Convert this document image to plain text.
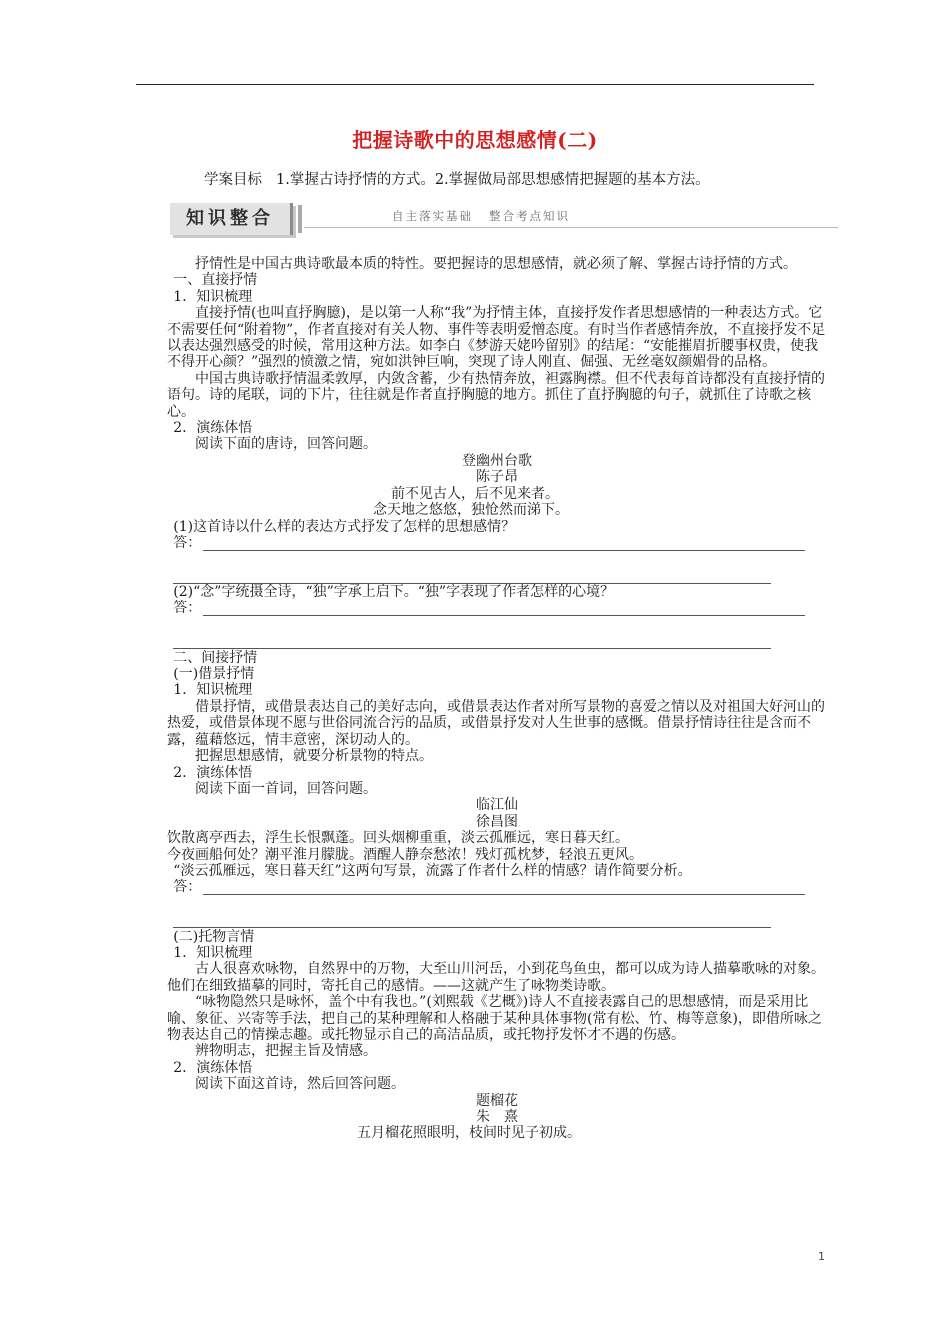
把握诗歌中的思想感情(二)
学案目标 1.掌握古诗抒情的方式。2.掌握做局部思想感情把握题的基本方法。
知识整合	自主落实基础 整合考点知识

抒情性是中国古典诗歌最本质的特性。要把握诗的思想感情，就必须了解、掌握古诗抒情的方式。

一、直接抒情

1．知识梳理

直接抒情(也叫直抒胸臆)，是以第一人称“我”为抒情主体，直接抒发作者思想感情的一种表达方式。它不需要任何“附着物”，作者直接对有关人物、事件等表明爱憎态度。有时当作者感情奔放，不直接抒发不足以表达强烈感受的时候，常用这种方法。如李白《梦游天姥吟留别》的结尾：“安能摧眉折腰事权贵，使我不得开心颜？”强烈的愤激之情，宛如洪钟巨响，突现了诗人刚直、倔强、无丝毫奴颜媚骨的品格。

中国古典诗歌抒情温柔敦厚，内敛含蓄，少有热情奔放，袒露胸襟。但不代表每首诗都没有直接抒情的语句。诗的尾联，词的下片，往往就是作者直抒胸臆的地方。抓住了直抒胸臆的句子，就抓住了诗歌之核心。

2．演练体悟

阅读下面的唐诗，回答问题。

登幽州台歌

陈子昂

前不见古人，后不见来者。

念天地之悠悠，独怆然而涕下。

(1)这首诗以什么样的表达方式抒发了怎样的思想感情？

答：

(2)“念”字统摄全诗，“独”字承上启下。“独”字表现了作者怎样的心境？

答：

二、间接抒情

(一)借景抒情

1．知识梳理

借景抒情，或借景表达自己的美好志向，或借景表达作者对所写景物的喜爱之情以及对祖国大好河山的热爱，或借景体现不愿与世俗同流合污的品质，或借景抒发对人生世事的感慨。借景抒情诗往往是含而不露，蕴藉悠远，情丰意密，深切动人的。

把握思想感情，就要分析景物的特点。

2．演练体悟

阅读下面一首词，回答问题。

临江仙

徐昌图

饮散离亭西去，浮生长恨飘蓬。回头烟柳重重，淡云孤雁远，寒日暮天红。

今夜画船何处？潮平淮月朦胧。酒醒人静奈愁浓！残灯孤枕梦，轻浪五更风。

“淡云孤雁远，寒日暮天红”这两句写景，流露了作者什么样的情感？请作简要分析。

答：

(二)托物言情

1．知识梳理

古人很喜欢咏物，自然界中的万物，大至山川河岳，小到花鸟鱼虫，都可以成为诗人描摹歌咏的对象。他们在细致描摹的同时，寄托自己的感情。——这就产生了咏物类诗歌。

“咏物隐然只是咏怀，盖个中有我也。”(刘熙载《艺概》)诗人不直接表露自己的思想感情，而是采用比喻、象征、兴寄等手法，把自己的某种理解和人格融于某种具体事物(常有松、竹、梅等意象)，即借所咏之物表达自己的情操志趣。或托物显示自己的高洁品质，或托物抒发怀才不遇的伤感。

辨物明志，把握主旨及情感。

2．演练体悟

阅读下面这首诗，然后回答问题。

题榴花

朱　熹

五月榴花照眼明，枝间时见子初成。

1
